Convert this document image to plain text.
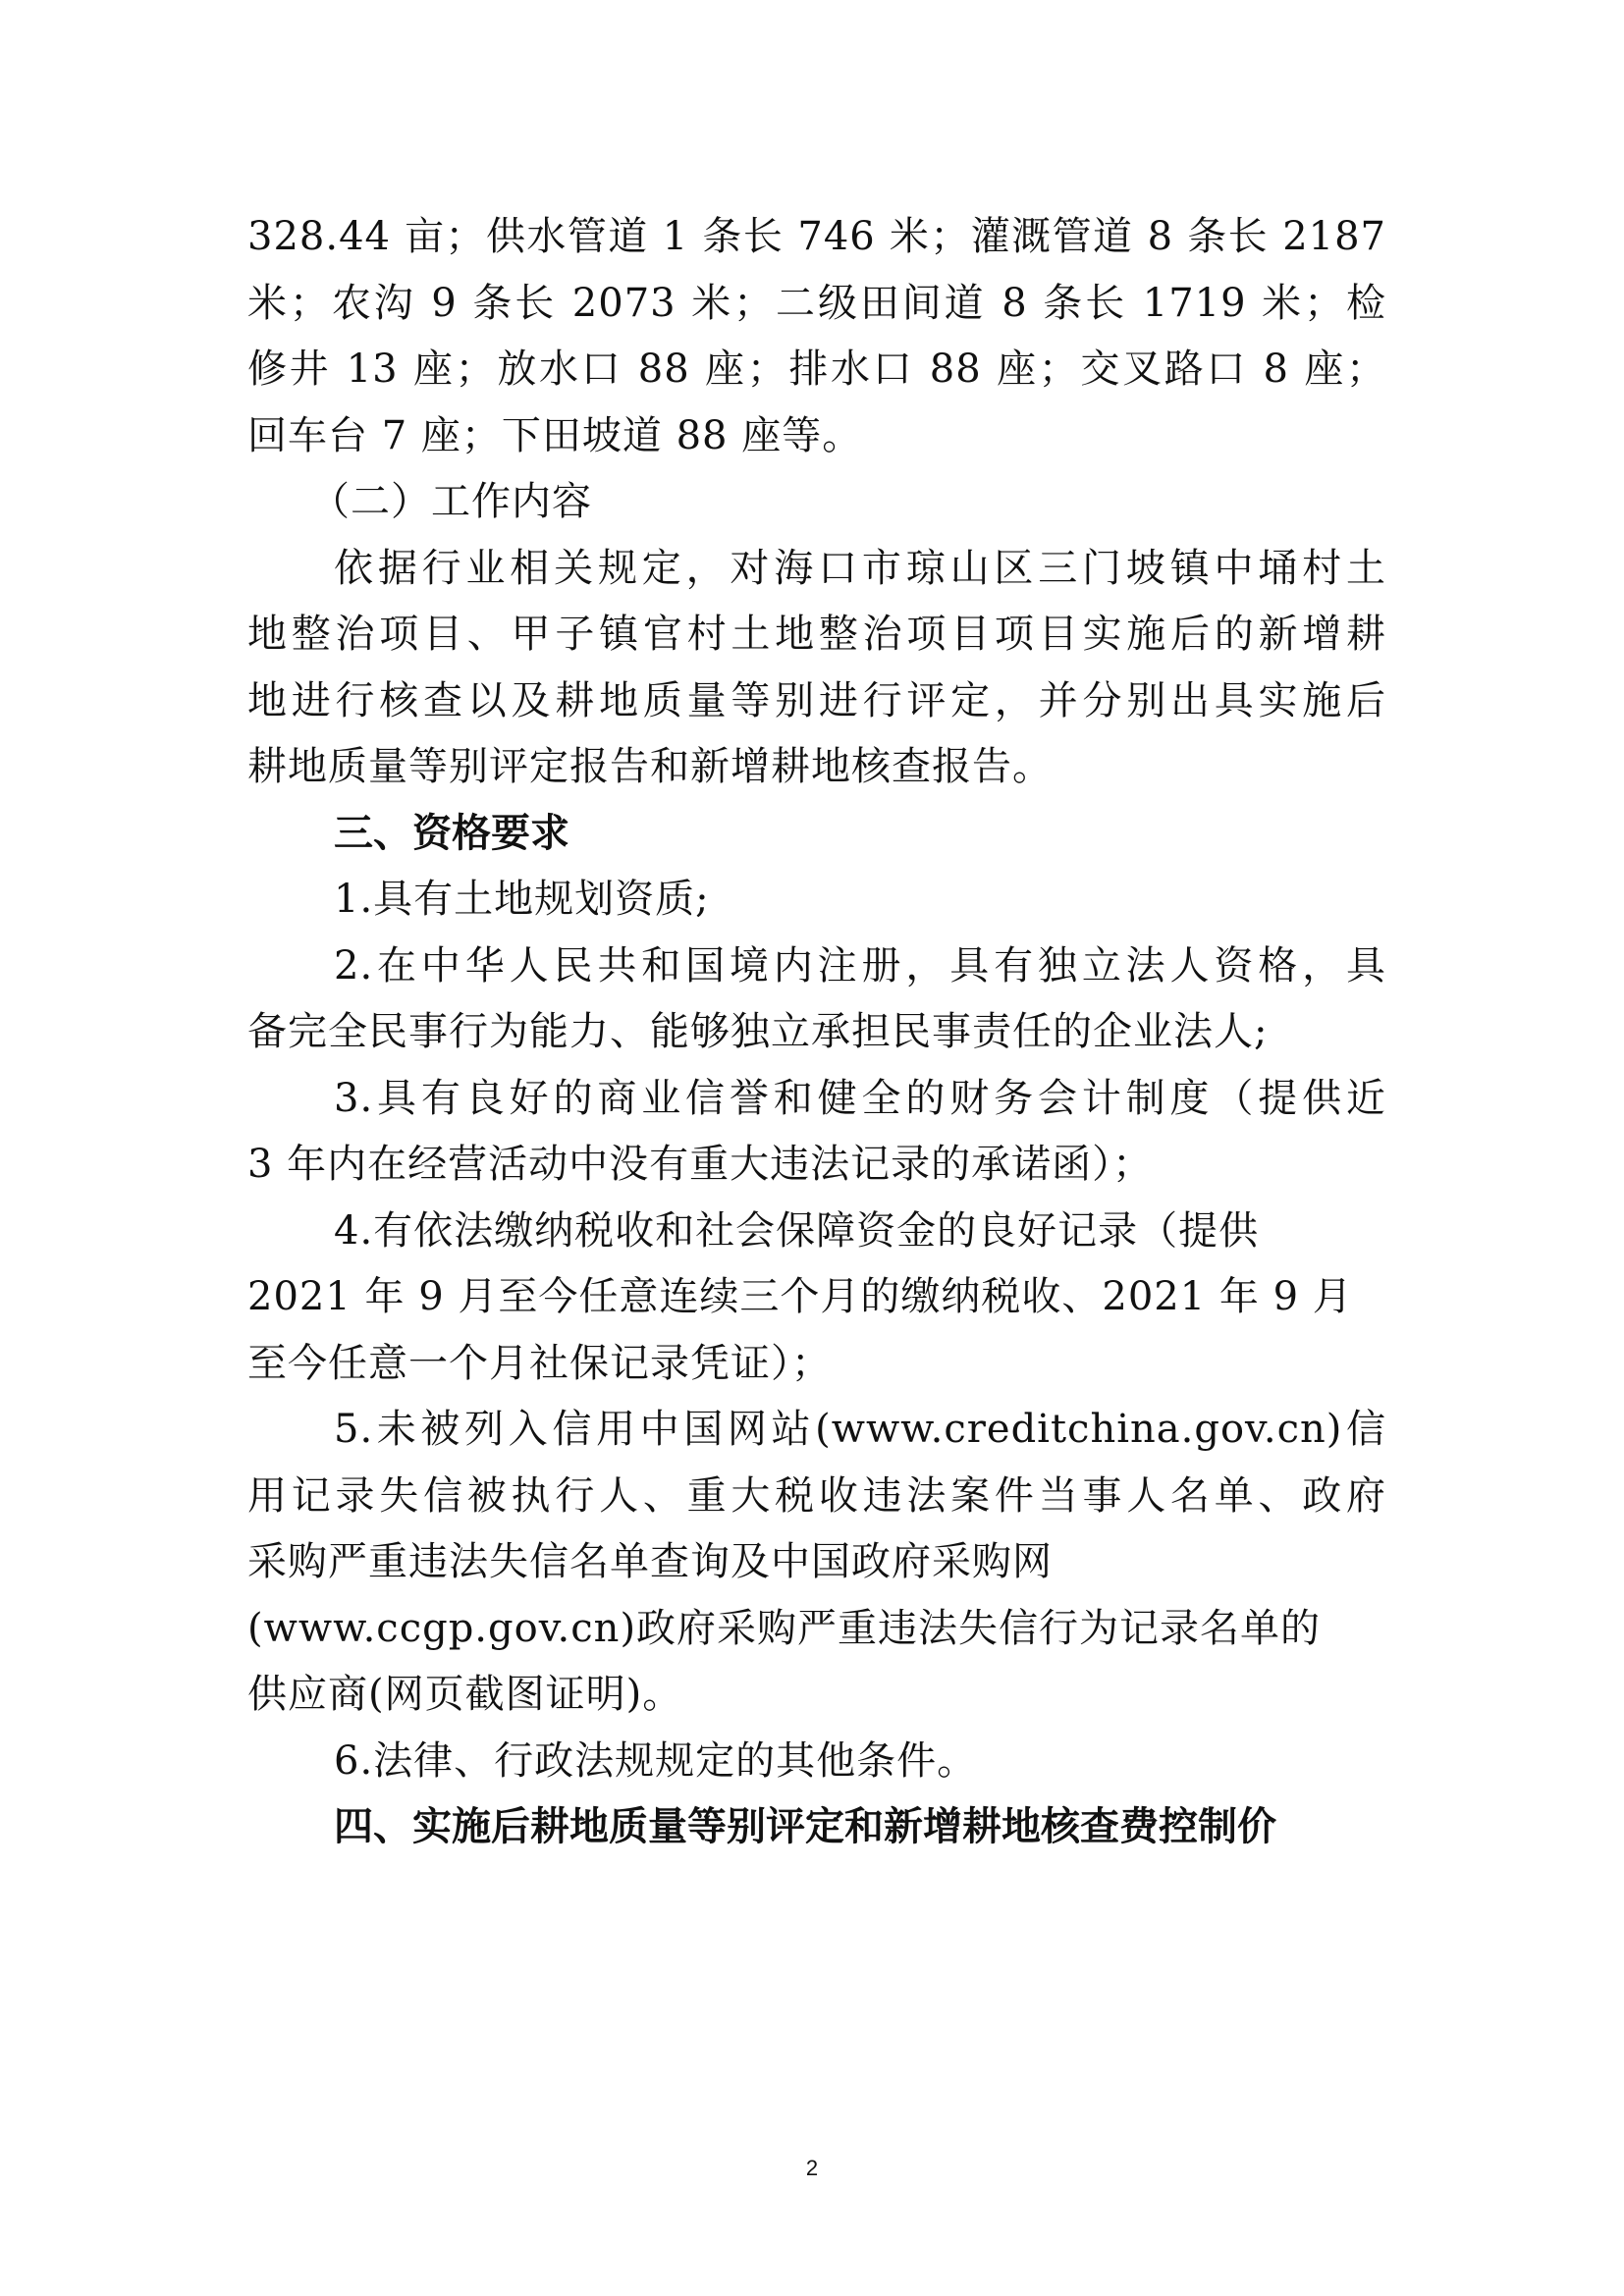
328.44 亩；供水管道 1 条长 746 米；灌溉管道 8 条长 2187
米；农沟 9 条长 2073 米；二级田间道 8 条长 1719 米；检
修井 13 座；放水口 88 座；排水口 88 座；交叉路口 8 座；
回车台 7 座；下田坡道 88 座等。
（二）工作内容
依据行业相关规定，对海口市琼山区三门坡镇中埇村土
地整治项目、甲子镇官村土地整治项目项目实施后的新增耕
地进行核查以及耕地质量等别进行评定，并分别出具实施后
耕地质量等别评定报告和新增耕地核查报告。
三、资格要求
1.具有土地规划资质;
2.在中华人民共和国境内注册，具有独立法人资格，具
备完全民事行为能力、能够独立承担民事责任的企业法人;
3.具有良好的商业信誉和健全的财务会计制度（提供近
3 年内在经营活动中没有重大违法记录的承诺函）；
4.有依法缴纳税收和社会保障资金的良好记录（提供
2021 年 9 月至今任意连续三个月的缴纳税收、2021 年 9 月
至今任意一个月社保记录凭证）；
5.未被列入信用中国网站(www.creditchina.gov.cn)信
用记录失信被执行人、重大税收违法案件当事人名单、政府
采购严重违法失信名单查询及中国政府采购网
(www.ccgp.gov.cn)政府采购严重违法失信行为记录名单的
供应商(网页截图证明)。
6.法律、行政法规规定的其他条件。
四、实施后耕地质量等别评定和新增耕地核查费控制价
2
